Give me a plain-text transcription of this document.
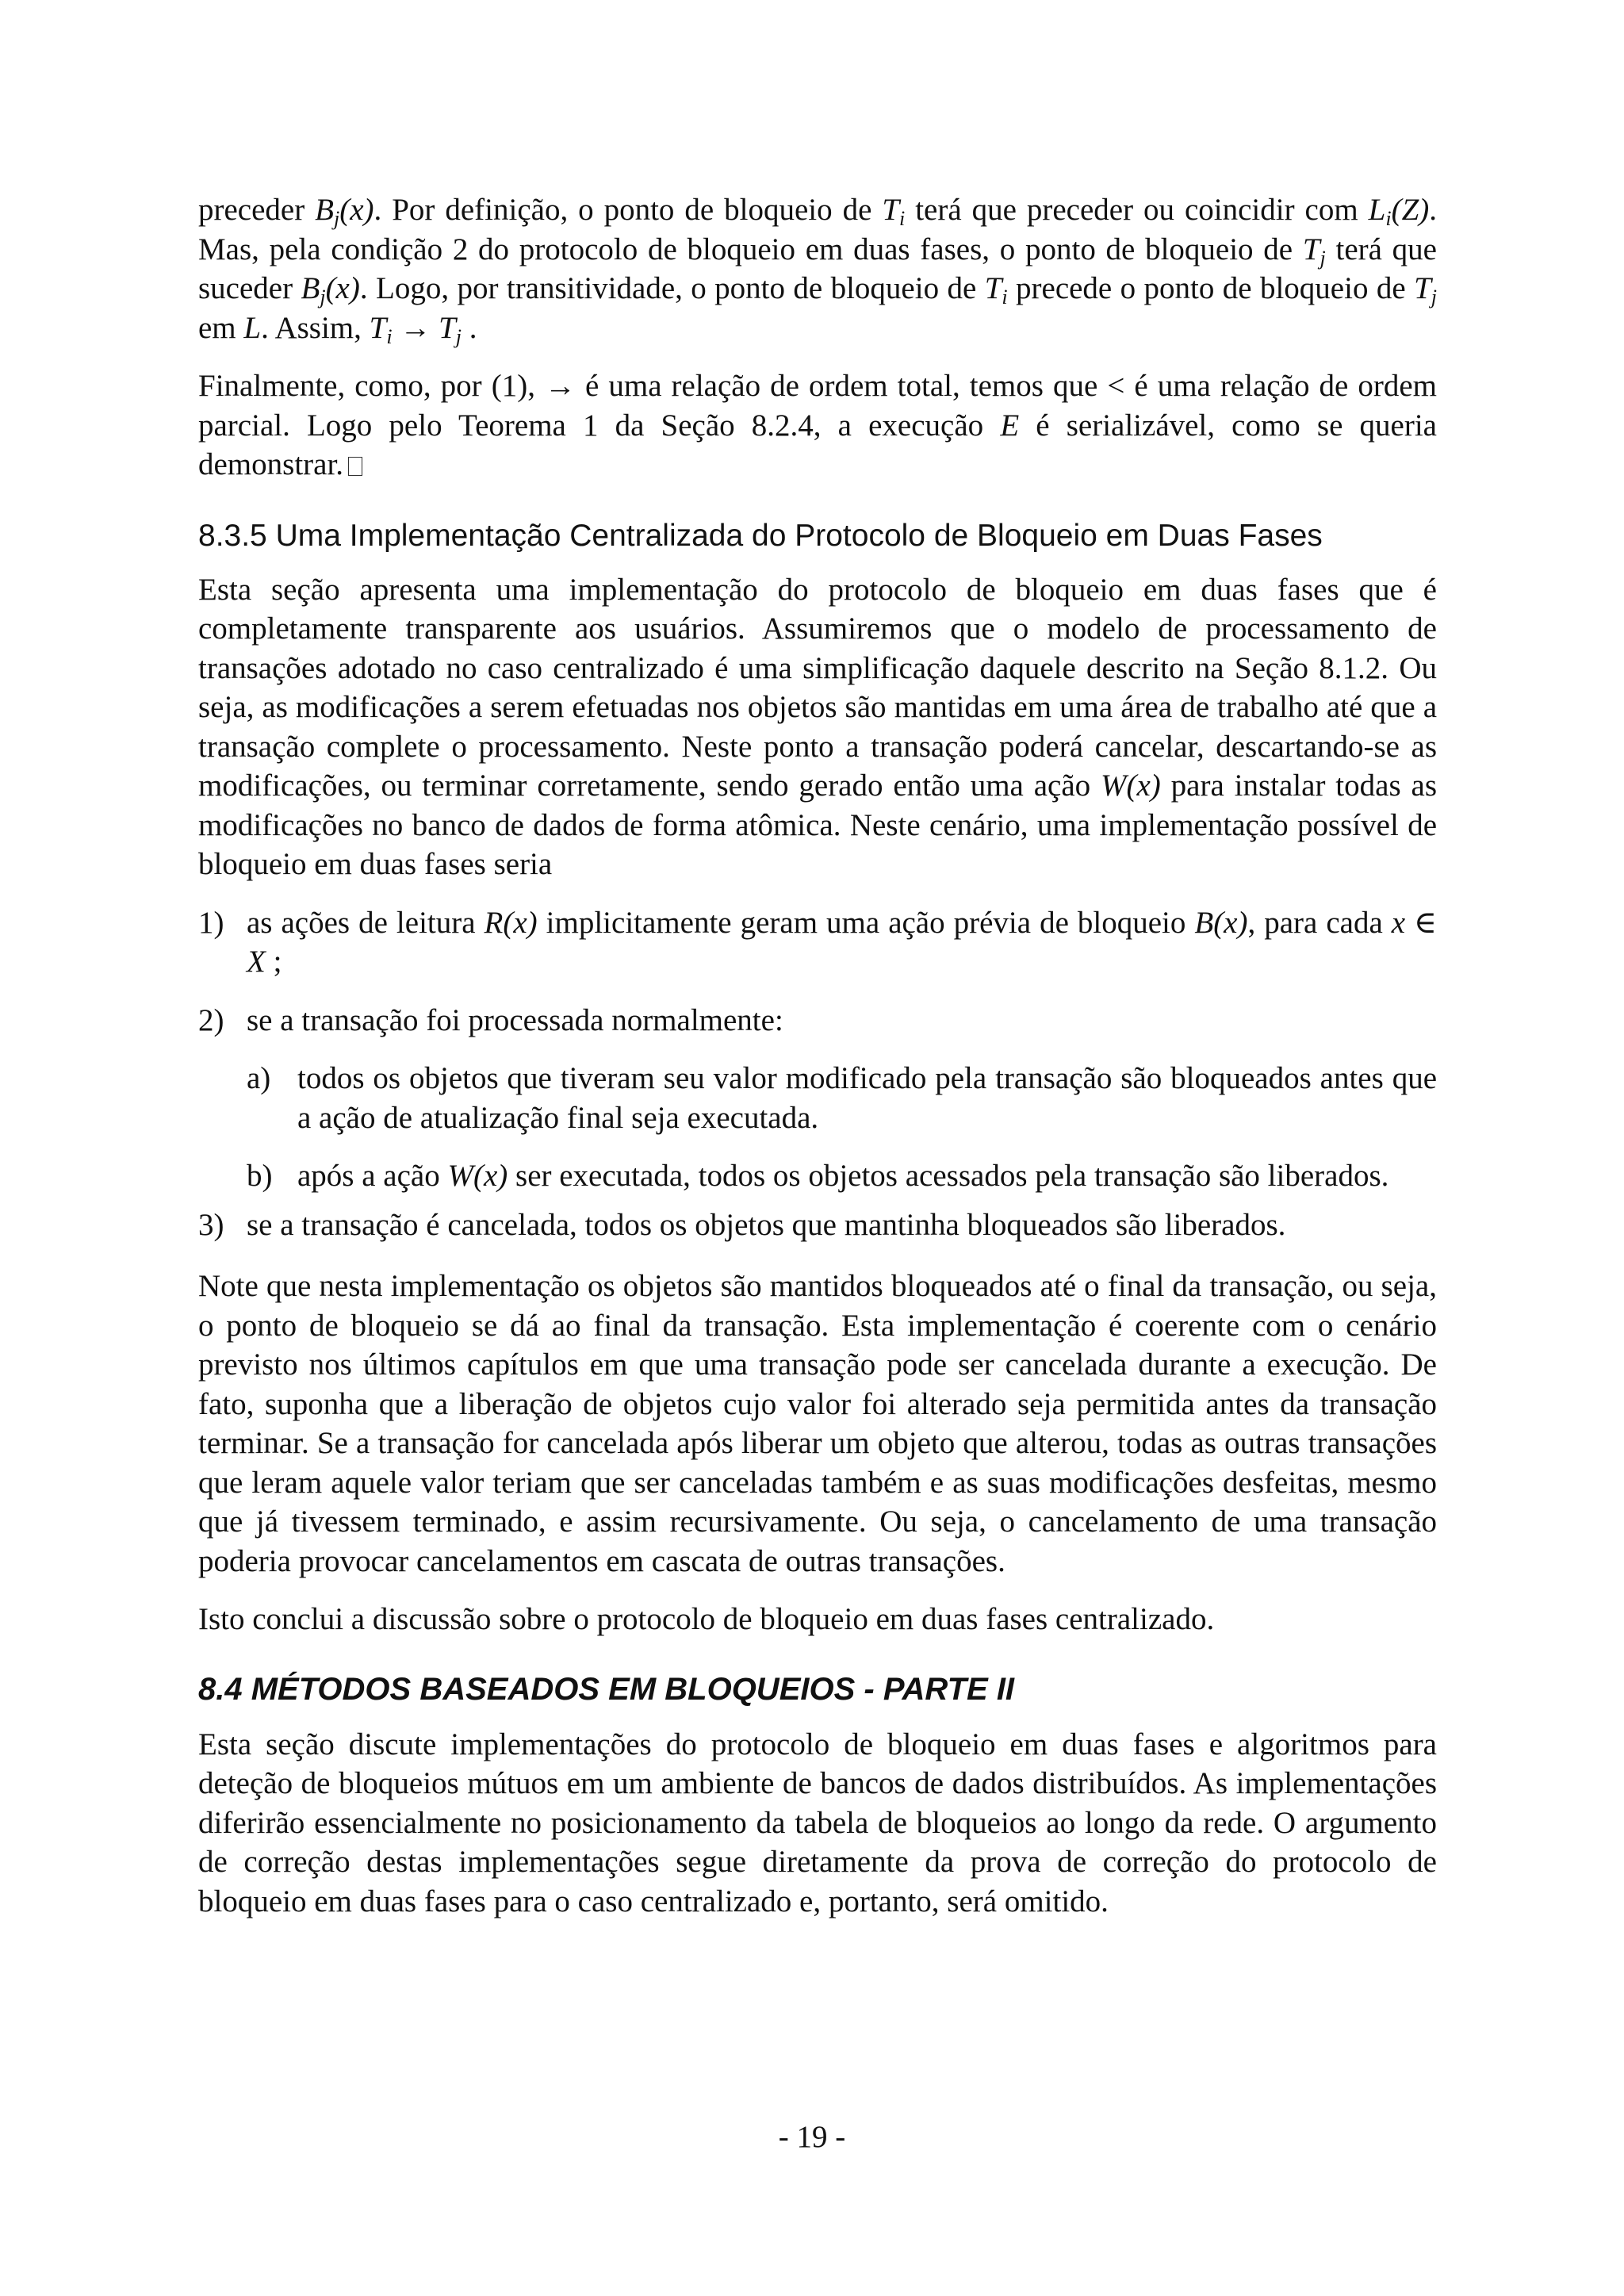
preceder $B_j(x)$. Por definição, o ponto de bloqueio de $T_i$ terá que preceder ou coincidir com $L_i(Z)$. Mas, pela condição 2 do protocolo de bloqueio em duas fases, o ponto de bloqueio de $T_j$ terá que suceder $B_j(x)$. Logo, por transitividade, o ponto de bloqueio de $T_i$ precede o ponto de bloqueio de $T_j$ em L. Assim, $T_i \to T_j$ .

Finalmente, como, por (1), → é uma relação de ordem total, temos que < é uma relação de ordem parcial. Logo pelo Teorema 1 da Seção 8.2.4, a execução E é serializável, como se queria demonstrar.

8.3.5 Uma Implementação Centralizada do Protocolo de Bloqueio em Duas Fases

Esta seção apresenta uma implementação do protocolo de bloqueio em duas fases que é completamente transparente aos usuários. Assumiremos que o modelo de processamento de transações adotado no caso centralizado é uma simplificação daquele descrito na Seção 8.1.2. Ou seja, as modificações a serem efetuadas nos objetos são mantidas em uma área de trabalho até que a transação complete o processamento. Neste ponto a transação poderá cancelar, descartando-se as modificações, ou terminar corretamente, sendo gerado então uma ação W(x) para instalar todas as modificações no banco de dados de forma atômica. Neste cenário, uma implementação possível de bloqueio em duas fases seria

1) as ações de leitura R(x) implicitamente geram uma ação prévia de bloqueio B(x), para cada x ∈ X ;
2) se a transação foi processada normalmente:
a) todos os objetos que tiveram seu valor modificado pela transação são bloqueados antes que a ação de atualização final seja executada.
b) após a ação W(x) ser executada, todos os objetos acessados pela transação são liberados.
3) se a transação é cancelada, todos os objetos que mantinha bloqueados são liberados.

Note que nesta implementação os objetos são mantidos bloqueados até o final da transação, ou seja, o ponto de bloqueio se dá ao final da transação. Esta implementação é coerente com o cenário previsto nos últimos capítulos em que uma transação pode ser cancelada durante a execução. De fato, suponha que a liberação de objetos cujo valor foi alterado seja permitida antes da transação terminar. Se a transação for cancelada após liberar um objeto que alterou, todas as outras transações que leram aquele valor teriam que ser canceladas também e as suas modificações desfeitas, mesmo que já tivessem terminado, e assim recursivamente. Ou seja, o cancelamento de uma transação poderia provocar cancelamentos em cascata de outras transações.

Isto conclui a discussão sobre o protocolo de bloqueio em duas fases centralizado.

8.4 MÉTODOS BASEADOS EM BLOQUEIOS - PARTE II

Esta seção discute implementações do protocolo de bloqueio em duas fases e algoritmos para deteção de bloqueios mútuos em um ambiente de bancos de dados distribuídos. As implementações diferirão essencialmente no posicionamento da tabela de bloqueios ao longo da rede. O argumento de correção destas implementações segue diretamente da prova de correção do protocolo de bloqueio em duas fases para o caso centralizado e, portanto, será omitido.

- 19 -
